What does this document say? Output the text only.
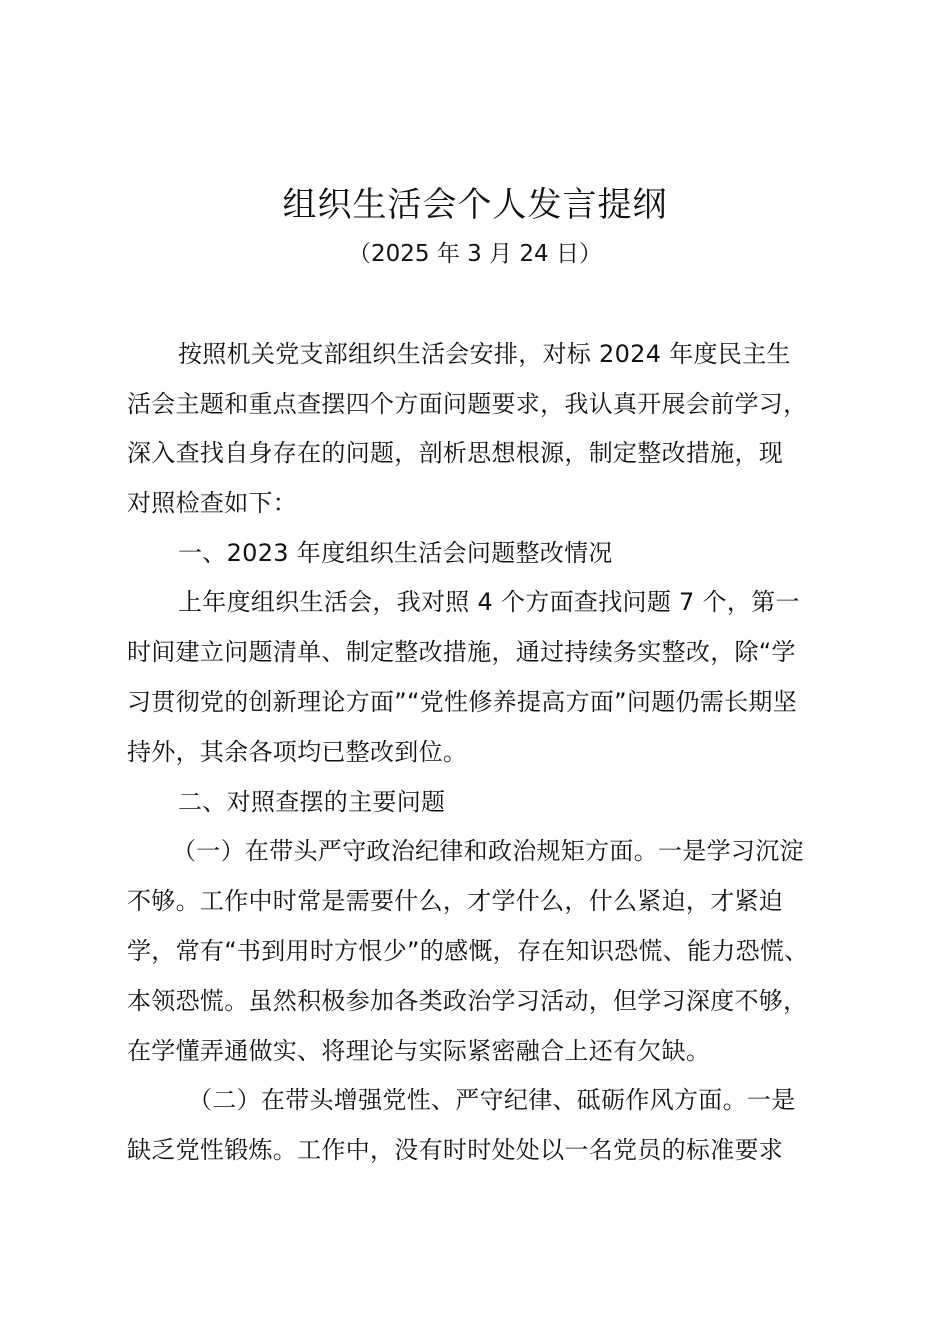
组织生活会个人发言提纲
（2025 年 3 月 24 日）
按照机关党支部组织生活会安排，对标 2024 年度民主生
活会主题和重点查摆四个方面问题要求，我认真开展会前学习，
深入查找自身存在的问题，剖析思想根源，制定整改措施，现
对照检查如下：
一、2023 年度组织生活会问题整改情况
上年度组织生活会，我对照 4 个方面查找问题 7 个，第一
时间建立问题清单、制定整改措施，通过持续务实整改，除“学
习贯彻党的创新理论方面”“党性修养提高方面”问题仍需长期坚
持外，其余各项均已整改到位。
二、对照查摆的主要问题
（一）在带头严守政治纪律和政治规矩方面。一是学习沉淀
不够。工作中时常是需要什么，才学什么，什么紧迫，才紧迫
学，常有“书到用时方恨少”的感慨，存在知识恐慌、能力恐慌、
本领恐慌。虽然积极参加各类政治学习活动，但学习深度不够，
在学懂弄通做实、将理论与实际紧密融合上还有欠缺。
（二）在带头增强党性、严守纪律、砥砺作风方面。一是
缺乏党性锻炼。工作中，没有时时处处以一名党员的标准要求
